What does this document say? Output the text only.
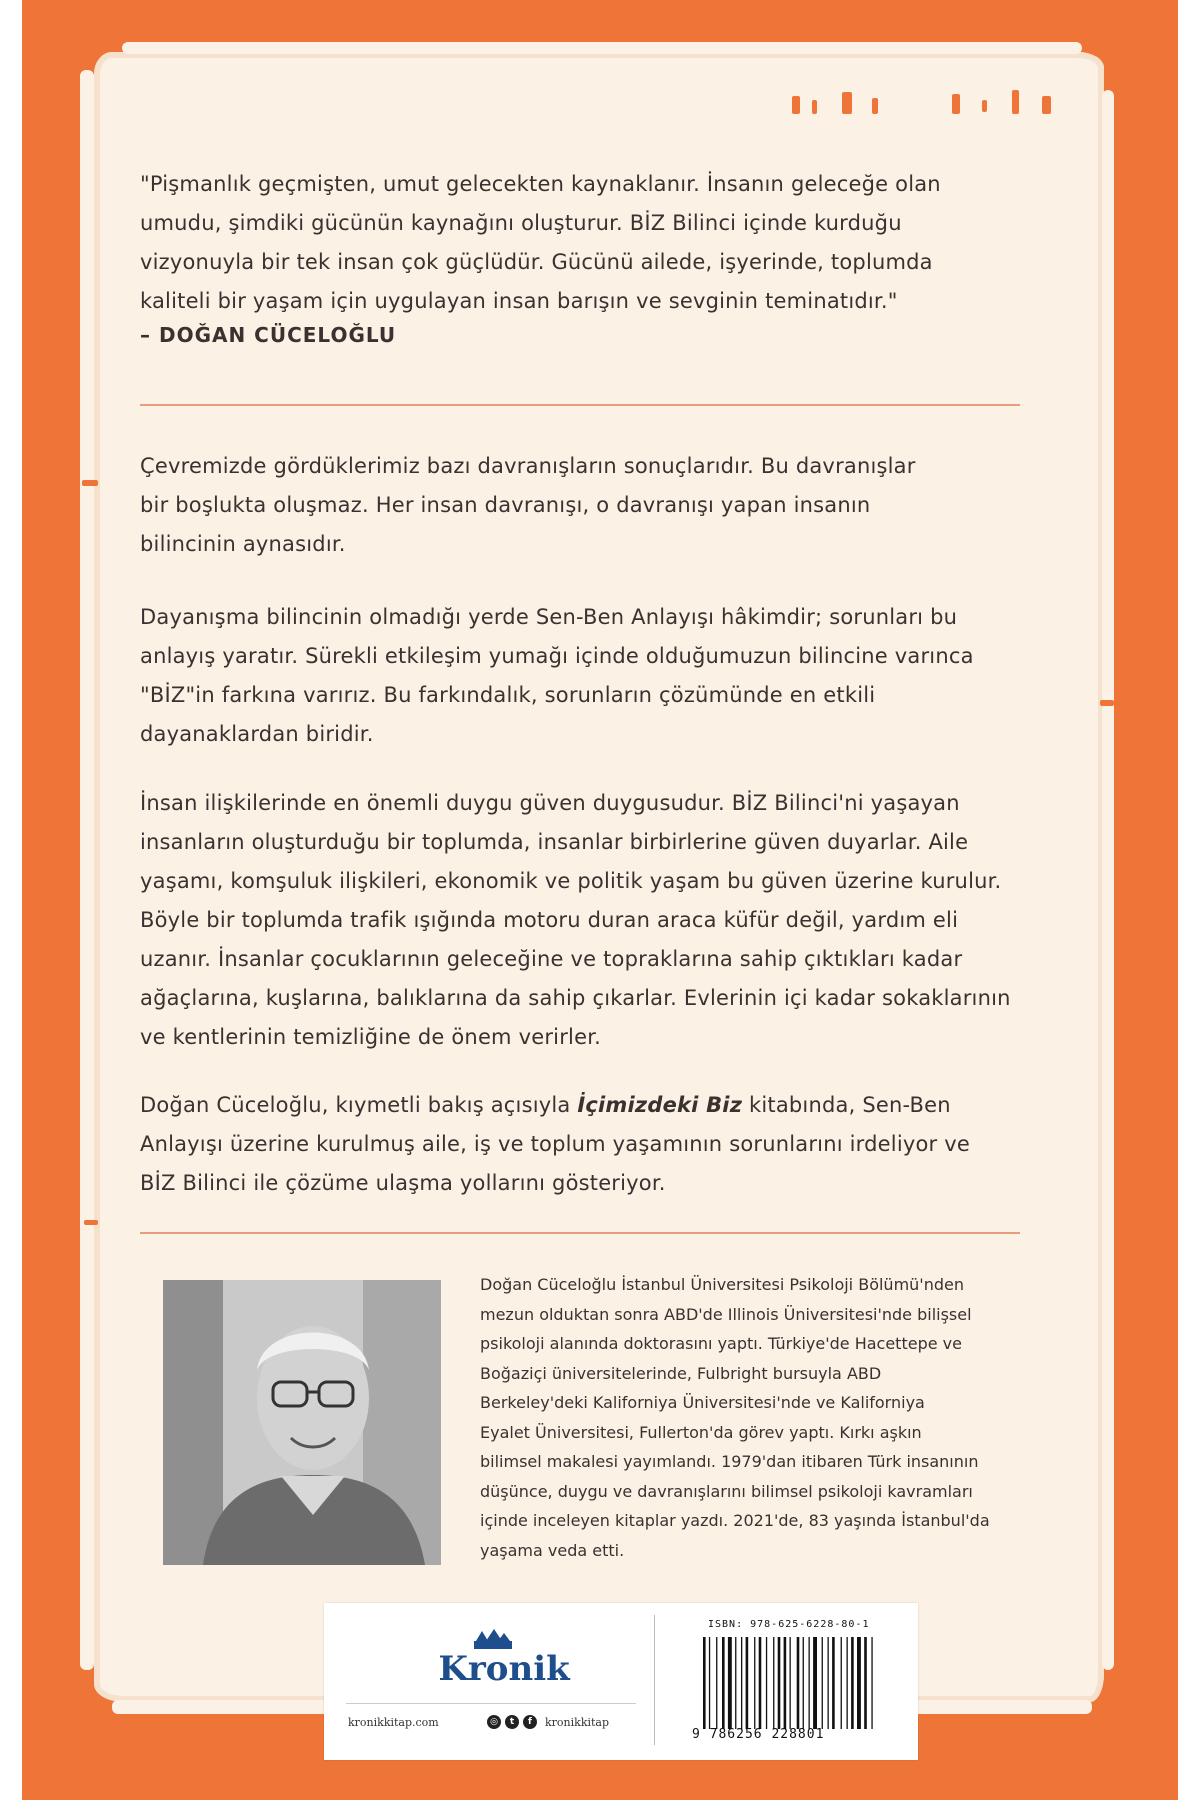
"Pişmanlık geçmişten, umut gelecekten kaynaklanır. İnsanın geleceğe olan
umudu, şimdiki gücünün kaynağını oluşturur. BİZ Bilinci içinde kurduğu
vizyonuyla bir tek insan çok güçlüdür. Gücünü ailede, işyerinde, toplumda
kaliteli bir yaşam için uygulayan insan barışın ve sevginin teminatıdır."

– DOĞAN CÜCELOĞLU

Çevremizde gördüklerimiz bazı davranışların sonuçlarıdır. Bu davranışlar
bir boşlukta oluşmaz. Her insan davranışı, o davranışı yapan insanın
bilincinin aynasıdır.

Dayanışma bilincinin olmadığı yerde Sen-Ben Anlayışı hâkimdir; sorunları bu
anlayış yaratır. Sürekli etkileşim yumağı içinde olduğumuzun bilincine varınca
"BİZ"in farkına varırız. Bu farkındalık, sorunların çözümünde en etkili
dayanaklardan biridir.

İnsan ilişkilerinde en önemli duygu güven duygusudur. BİZ Bilinci'ni yaşayan
insanların oluşturduğu bir toplumda, insanlar birbirlerine güven duyarlar. Aile
yaşamı, komşuluk ilişkileri, ekonomik ve politik yaşam bu güven üzerine kurulur.
Böyle bir toplumda trafik ışığında motoru duran araca küfür değil, yardım eli
uzanır. İnsanlar çocuklarının geleceğine ve topraklarına sahip çıktıkları kadar
ağaçlarına, kuşlarına, balıklarına da sahip çıkarlar. Evlerinin içi kadar sokaklarının
ve kentlerinin temizliğine de önem verirler.

Doğan Cüceloğlu, kıymetli bakış açısıyla İçimizdeki Biz kitabında, Sen-Ben
Anlayışı üzerine kurulmuş aile, iş ve toplum yaşamının sorunlarını irdeliyor ve
BİZ Bilinci ile çözüme ulaşma yollarını gösteriyor.

Doğan Cüceloğlu İstanbul Üniversitesi Psikoloji Bölümü'nden
mezun olduktan sonra ABD'de Illinois Üniversitesi'nde bilişsel
psikoloji alanında doktorasını yaptı. Türkiye'de Hacettepe ve
Boğaziçi üniversitelerinde, Fulbright bursuyla ABD
Berkeley'deki Kaliforniya Üniversitesi'nde ve Kaliforniya
Eyalet Üniversitesi, Fullerton'da görev yaptı. Kırkı aşkın
bilimsel makalesi yayımlandı. 1979'dan itibaren Türk insanının
düşünce, duygu ve davranışlarını bilimsel psikoloji kavramları
içinde inceleyen kitaplar yazdı. 2021'de, 83 yaşında İstanbul'da
yaşama veda etti.

Kronik
kronikkitap.com	◎	t	f	kronikkitap
ISBN: 978-625-6228-80-1
9 786256 228801
